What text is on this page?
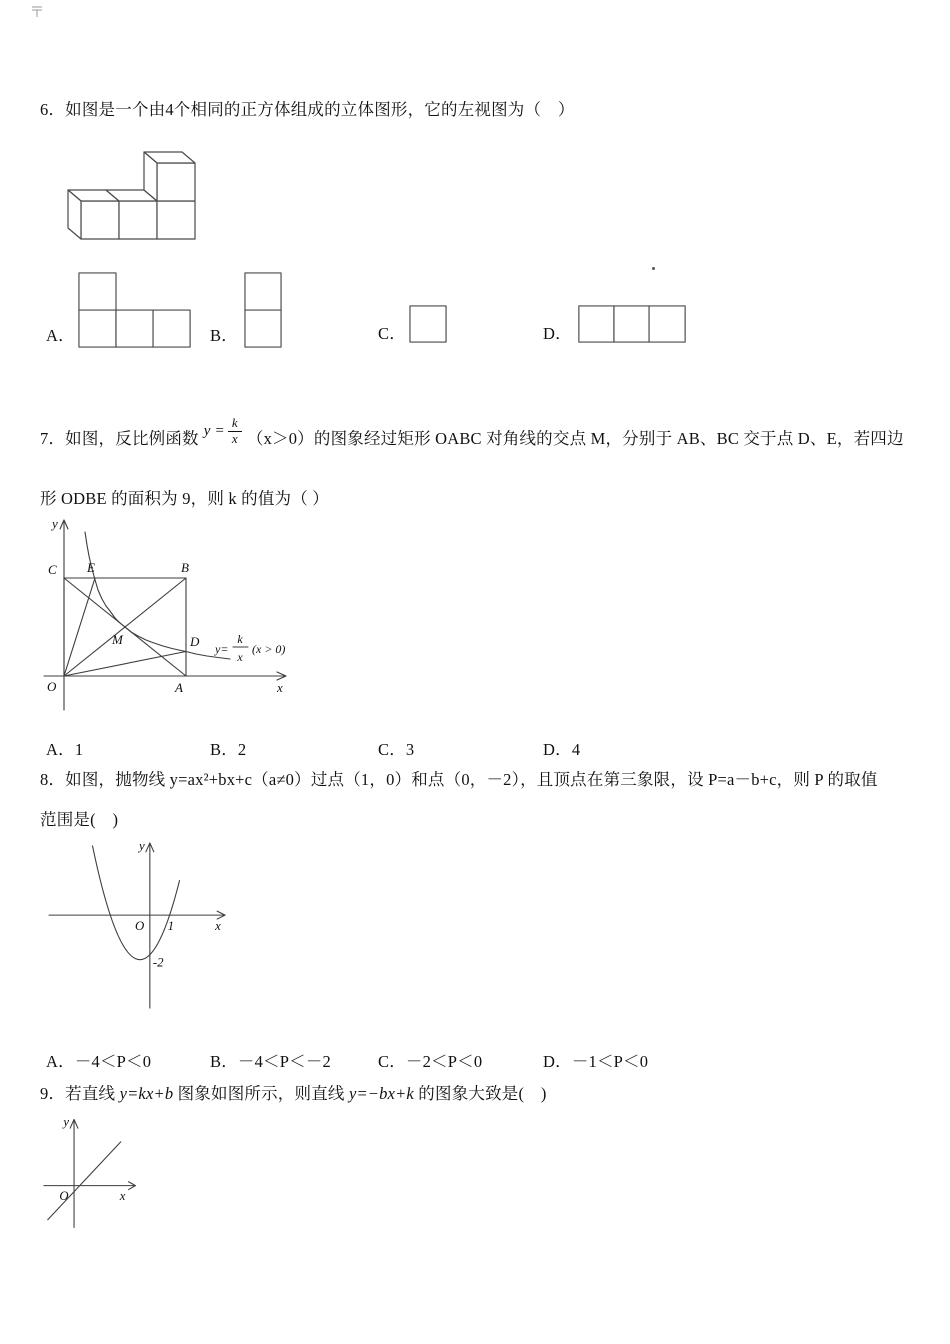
6．如图是一个由4个相同的正方体组成的立体图形，它的左视图为（　）
A．	B．	C．	D．
7．如图，反比例函数 $y = \frac{k}{x} (x>0)$的图象经过矩形 OABC 对角线的交点 M，分别于 AB、BC 交于点 D、E，若四边
形 ODBE 的面积为 9，则 k 的值为（ ）
y
x
O	A
B
C
D
E
M
y=
k
x
(x > 0)
A．1	B．2	C．3	D．4
8．如图，抛物线 y=ax²+bx+c（a≠0）过点（1，0）和点（0，－2），且顶点在第三象限，设 P=a－b+c，则 P 的取值
范围是(　)
y
x
O 1
-2
A．－4＜P＜0	B．－4＜P＜－2	C．－2＜P＜0	D．－1＜P＜0
9．若直线 y=kx+b 图象如图所示，则直线 y=−bx+k 的图象大致是(　)
y
x
O
